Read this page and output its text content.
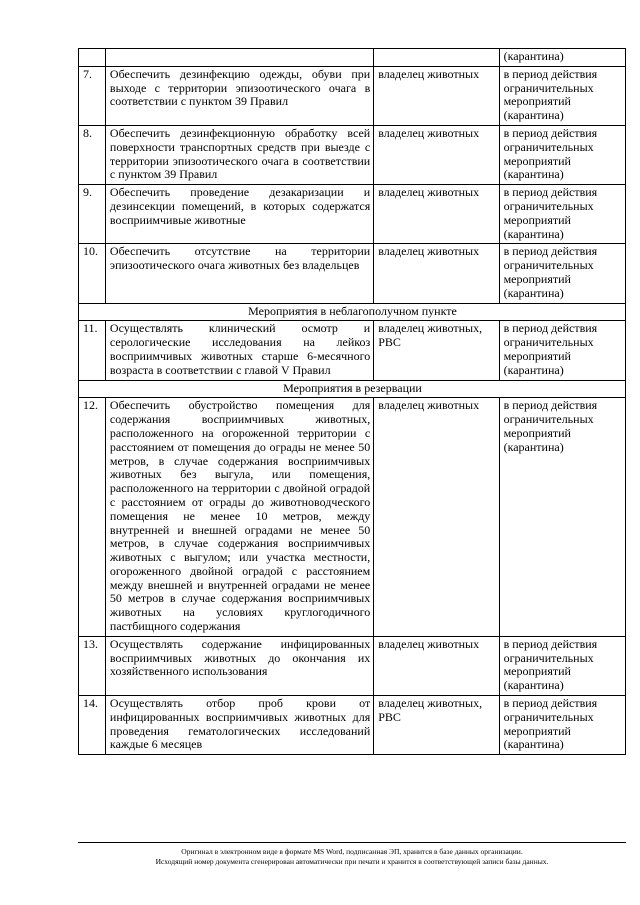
			(карантина)
7.	Обеспечить дезинфекцию одежды, обуви при выходе с территории эпизоотического очага в соответствии с пунктом 39 Правил	владелец животных	в период действия ограничительных мероприятий (карантина)
8.	Обеспечить дезинфекционную обработку всей поверхности транспортных средств при выезде с территории эпизоотического очага в соответствии с пунктом 39 Правил	владелец животных	в период действия ограничительных мероприятий (карантина)
9.	Обеспечить проведение дезакаризации и дезинсекции помещений, в которых содержатся восприимчивые животные	владелец животных	в период действия ограничительных мероприятий (карантина)
10.	Обеспечить отсутствие на территории эпизоотического очага животных без владельцев	владелец животных	в период действия ограничительных мероприятий (карантина)
Мероприятия в неблагополучном пункте			
11.	Осуществлять клинический осмотр и серологические исследования на лейкоз восприимчивых животных старше 6-месячного возраста в соответствии с главой V Правил	владелец животных, РВС	в период действия ограничительных мероприятий (карантина)
Мероприятия в резервации			
12.	Обеспечить обустройство помещения для содержания восприимчивых животных, расположенного на огороженной территории с расстоянием от помещения до ограды не менее 50 метров, в случае содержания восприимчивых животных без выгула, или помещения, расположенного на территории с двойной оградой с расстоянием от ограды до животноводческого помещения не менее 10 метров, между внутренней и внешней оградами не менее 50 метров, в случае содержания восприимчивых животных с выгулом; или участка местности, огороженного двойной оградой с расстоянием между внешней и внутренней оградами не менее 50 метров в случае содержания восприимчивых животных на условиях круглогодичного пастбищного содержания	владелец животных	в период действия ограничительных мероприятий (карантина)
13.	Осуществлять содержание инфицированных восприимчивых животных до окончания их хозяйственного использования	владелец животных	в период действия ограничительных мероприятий (карантина)
14.	Осуществлять отбор проб крови от инфицированных восприимчивых животных для проведения гематологических исследований каждые 6 месяцев	владелец животных, РВС	в период действия ограничительных мероприятий (карантина)
Оригинал в электронном виде в формате MS Word, подписанная ЭП, хранится в базе данных организации.
Исходящий номер документа сгенерирован автоматически при печати и хранится в соответствующей записи базы данных.
